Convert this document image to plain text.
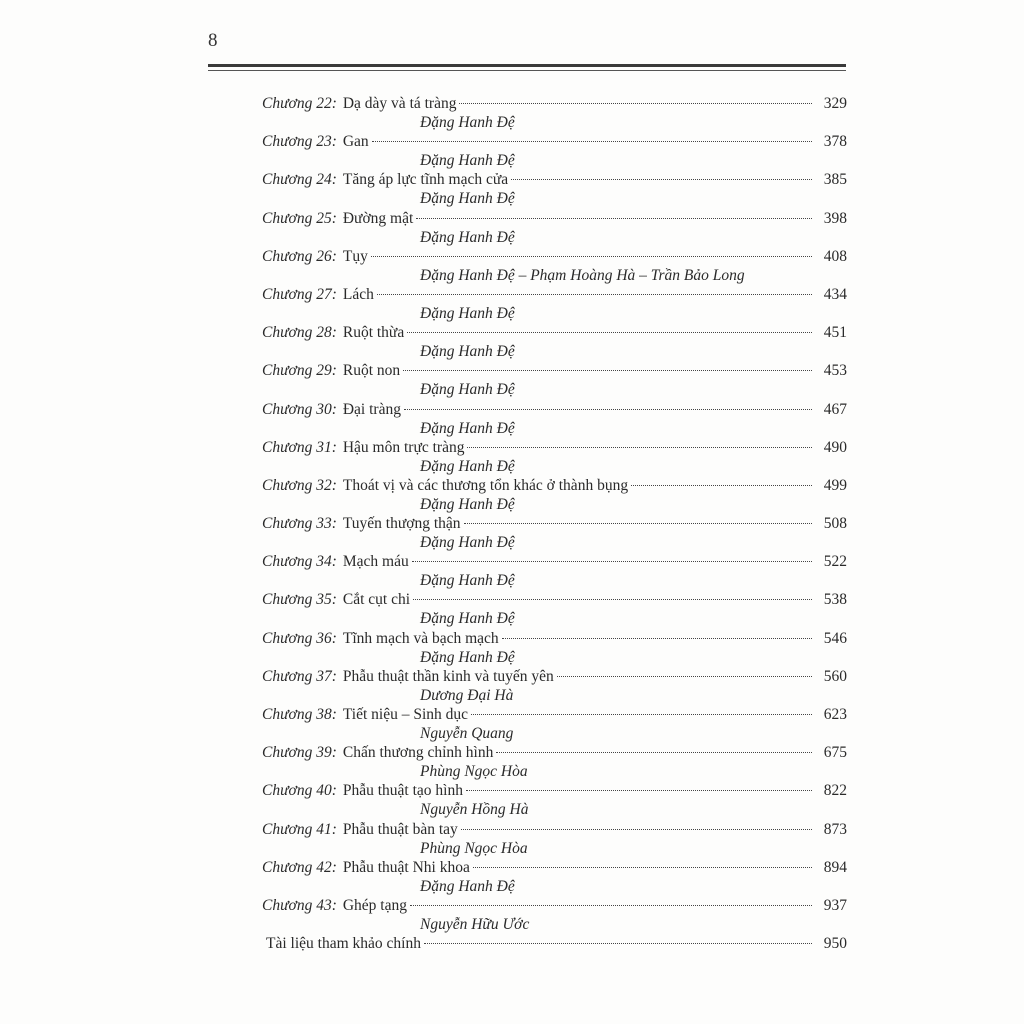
8
Chương 22: Dạ dày và tá tràng	329
Đặng Hanh Đệ
Chương 23: Gan	378
Đặng Hanh Đệ
Chương 24: Tăng áp lực tĩnh mạch cửa	385
Đặng Hanh Đệ
Chương 25: Đường mật	398
Đặng Hanh Đệ
Chương 26: Tụy	408
Đặng Hanh Đệ – Phạm Hoàng Hà – Trần Bảo Long
Chương 27: Lách	434
Đặng Hanh Đệ
Chương 28: Ruột thừa	451
Đặng Hanh Đệ
Chương 29: Ruột non	453
Đặng Hanh Đệ
Chương 30: Đại tràng	467
Đặng Hanh Đệ
Chương 31: Hậu môn trực tràng	490
Đặng Hanh Đệ
Chương 32: Thoát vị và các thương tổn khác ở thành bụng	499
Đặng Hanh Đệ
Chương 33: Tuyến thượng thận	508
Đặng Hanh Đệ
Chương 34: Mạch máu	522
Đặng Hanh Đệ
Chương 35: Cắt cụt chi	538
Đặng Hanh Đệ
Chương 36: Tĩnh mạch và bạch mạch	546
Đặng Hanh Đệ
Chương 37: Phẫu thuật thần kinh và tuyến yên	560
Dương Đại Hà
Chương 38: Tiết niệu – Sinh dục	623
Nguyễn Quang
Chương 39: Chấn thương chỉnh hình	675
Phùng Ngọc Hòa
Chương 40: Phẫu thuật tạo hình	822
Nguyễn Hồng Hà
Chương 41: Phẫu thuật bàn tay	873
Phùng Ngọc Hòa
Chương 42: Phẫu thuật Nhi khoa	894
Đặng Hanh Đệ
Chương 43: Ghép tạng	937
Nguyễn Hữu Ước
Tài liệu tham khảo chính	950
